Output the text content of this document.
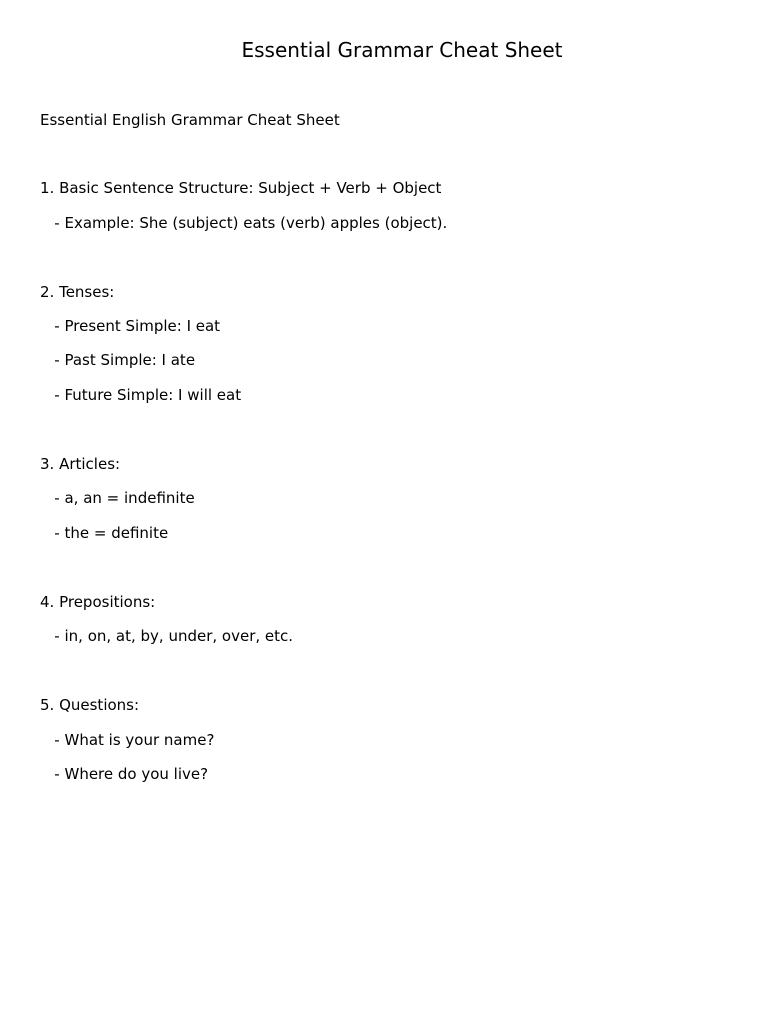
Essential Grammar Cheat Sheet
Essential English Grammar Cheat Sheet
1. Basic Sentence Structure: Subject + Verb + Object
- Example: She (subject) eats (verb) apples (object).
2. Tenses:
- Present Simple: I eat
- Past Simple: I ate
- Future Simple: I will eat
3. Articles:
- a, an = indefinite
- the = definite
4. Prepositions:
- in, on, at, by, under, over, etc.
5. Questions:
- What is your name?
- Where do you live?
